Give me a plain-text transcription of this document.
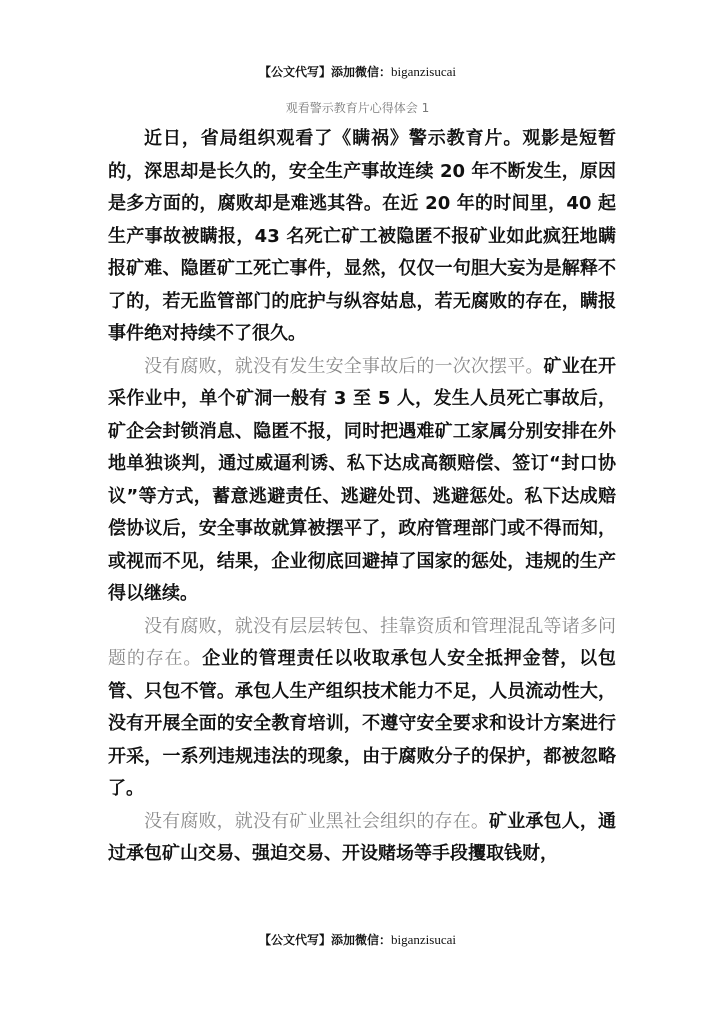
【公文代写】添加微信：biganzisucai
观看警示教育片心得体会 1

近日，省局组织观看了《瞒祸》警示教育片。观影是短暂的，深思却是长久的，安全生产事故连续 20 年不断发生，原因是多方面的，腐败却是难逃其咎。在近 20 年的时间里，40 起生产事故被瞒报，43 名死亡矿工被隐匿不报矿业如此疯狂地瞒报矿难、隐匿矿工死亡事件，显然，仅仅一句胆大妄为是解释不了的，若无监管部门的庇护与纵容姑息，若无腐败的存在，瞒报事件绝对持续不了很久。

没有腐败，就没有发生安全事故后的一次次摆平。矿业在开采作业中，单个矿洞一般有 3 至 5 人，发生人员死亡事故后，矿企会封锁消息、隐匿不报，同时把遇难矿工家属分别安排在外地单独谈判，通过威逼利诱、私下达成高额赔偿、签订“封口协议”等方式，蓄意逃避责任、逃避处罚、逃避惩处。私下达成赔偿协议后，安全事故就算被摆平了，政府管理部门或不得而知，或视而不见，结果，企业彻底回避掉了国家的惩处，违规的生产得以继续。

没有腐败，就没有层层转包、挂靠资质和管理混乱等诸多问题的存在。企业的管理责任以收取承包人安全抵押金替，以包管、只包不管。承包人生产组织技术能力不足，人员流动性大，没有开展全面的安全教育培训，不遵守安全要求和设计方案进行开采，一系列违规违法的现象，由于腐败分子的保护，都被忽略了。

没有腐败，就没有矿业黑社会组织的存在。矿业承包人，通过承包矿山交易、强迫交易、开设赌场等手段攫取钱财，

【公文代写】添加微信：biganzisucai
